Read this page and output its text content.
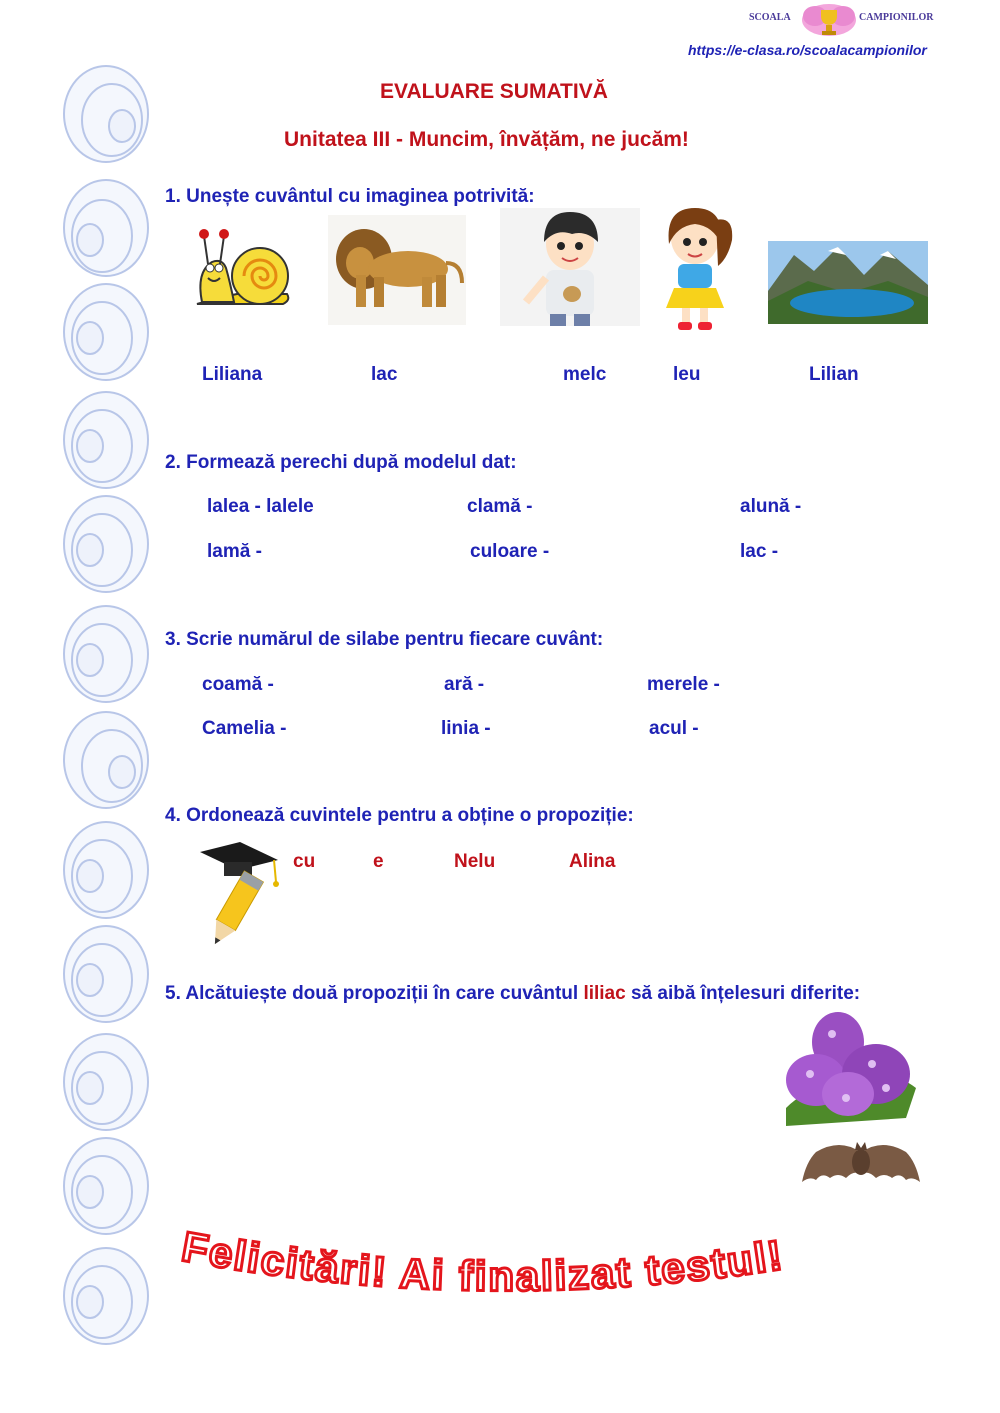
SCOALA	CAMPIONILOR
https://e-clasa.ro/scoalacampionilor
EVALUARE SUMATIVĂ
Unitatea III - Muncim, învățăm, ne jucăm!
1. Unește cuvântul cu imaginea potrivită:
Liliana	lac	melc	leu	Lilian
2. Formează perechi după modelul dat:
lalea - lalele	clamă -	alună -
lamă -	culoare -	lac -
3. Scrie numărul de silabe pentru fiecare cuvânt:
coamă -	ară -	merele -
Camelia -	linia -	acul -
4. Ordonează cuvintele pentru a obține o propoziție:
cu	e	Nelu	Alina
5. Alcătuiește două propoziții în care cuvântul liliac să aibă înțelesuri diferite:
Felicitări! Ai finalizat testul!
